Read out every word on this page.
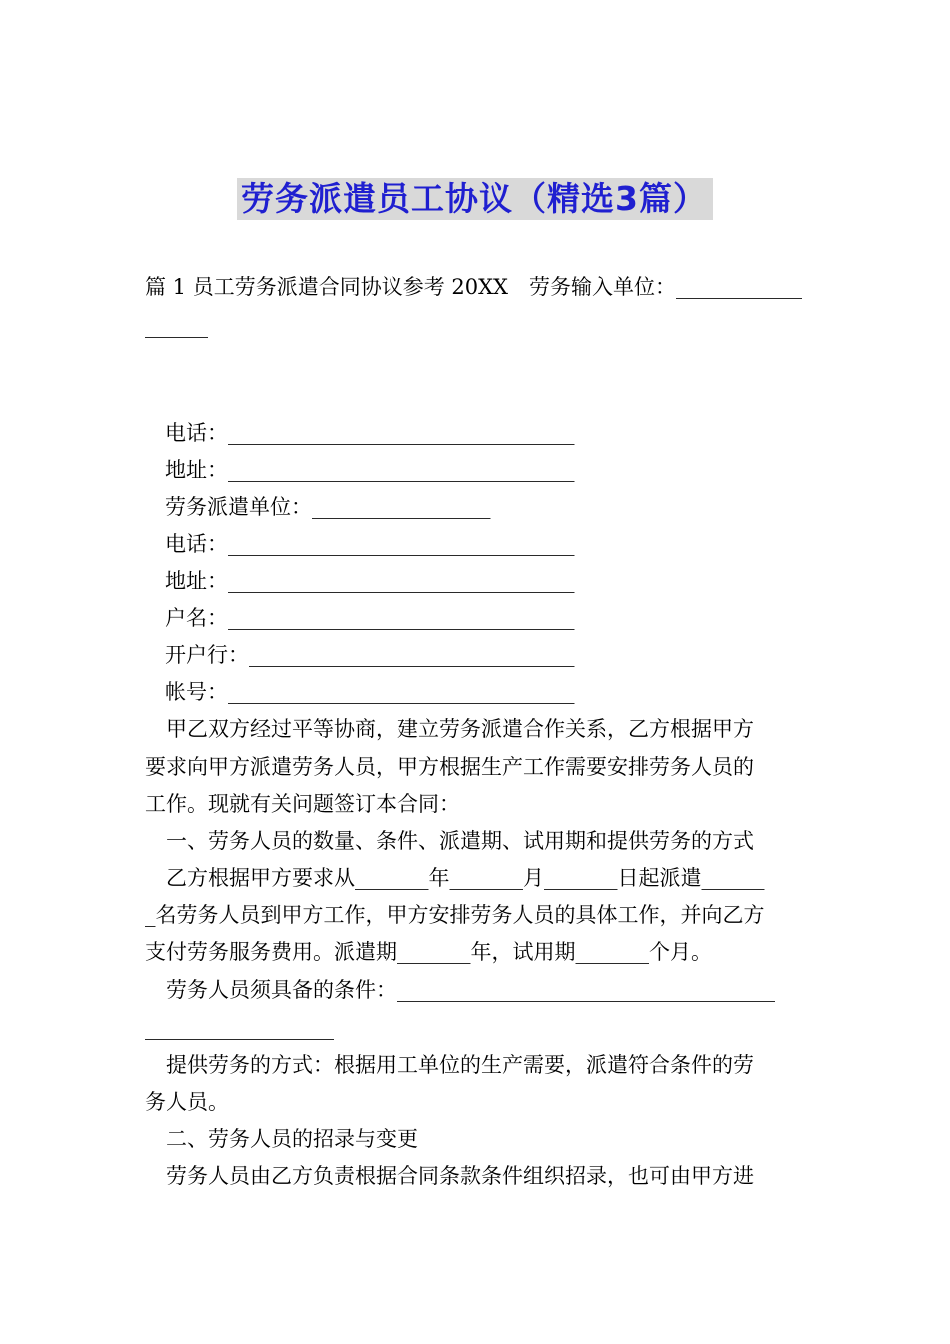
劳务派遣员工协议（精选3篇）
篇 1 员工劳务派遣合同协议参考 20XX　劳务输入单位：____________
______
电话：_________________________________
地址：_________________________________
劳务派遣单位：_________________
电话：_________________________________
地址：_________________________________
户名：_________________________________
开户行：_______________________________
帐号：_________________________________
　甲乙双方经过平等协商，建立劳务派遣合作关系，乙方根据甲方
要求向甲方派遣劳务人员，甲方根据生产工作需要安排劳务人员的
工作。现就有关问题签订本合同：
　一、劳务人员的数量、条件、派遣期、试用期和提供劳务的方式
　乙方根据甲方要求从_______年_______月_______日起派遣______
_名劳务人员到甲方工作，甲方安排劳务人员的具体工作，并向乙方
支付劳务服务费用。派遣期_______年，试用期_______个月。
　劳务人员须具备的条件：____________________________________
__________________
　提供劳务的方式：根据用工单位的生产需要，派遣符合条件的劳
务人员。
　二、劳务人员的招录与变更
　劳务人员由乙方负责根据合同条款条件组织招录，也可由甲方进
